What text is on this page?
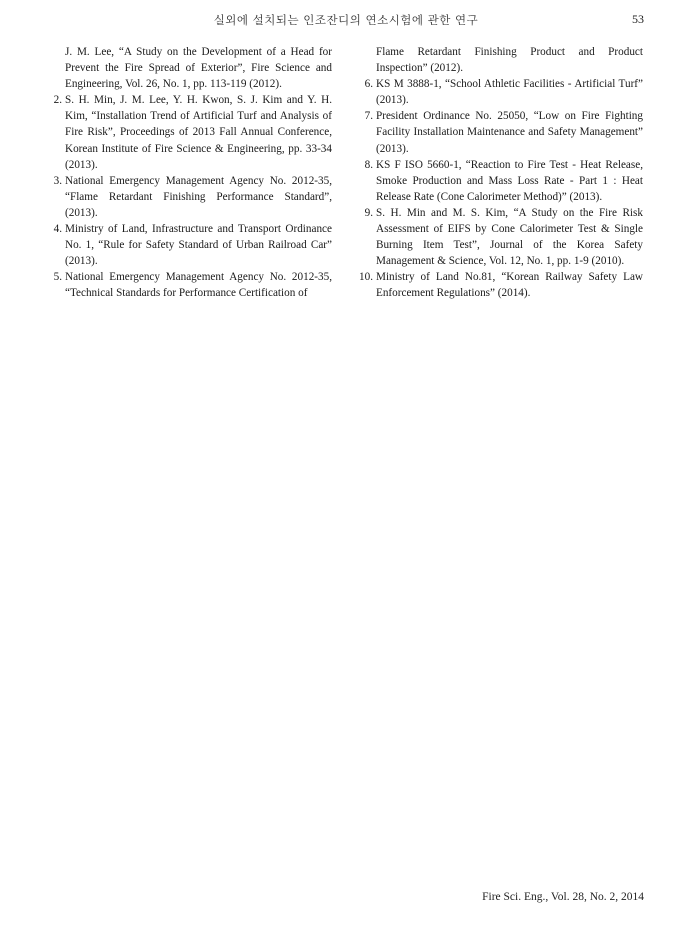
실외에 설치되는 인조잔디의 연소시험에 관한 연구	53
J. M. Lee, “A Study on the Development of a Head for Prevent the Fire Spread of Exterior”, Fire Science and Engineering, Vol. 26, No. 1, pp. 113-119 (2012).
2. S. H. Min, J. M. Lee, Y. H. Kwon, S. J. Kim and Y. H. Kim, “Installation Trend of Artificial Turf and Analysis of Fire Risk”, Proceedings of 2013 Fall Annual Conference, Korean Institute of Fire Science & Engineering, pp. 33-34 (2013).
3. National Emergency Management Agency No. 2012-35, “Flame Retardant Finishing Performance Standard”, (2013).
4. Ministry of Land, Infrastructure and Transport Ordinance No. 1, “Rule for Safety Standard of Urban Railroad Car” (2013).
5. National Emergency Management Agency No. 2012-35, “Technical Standards for Performance Certification of
Flame Retardant Finishing Product and Product Inspection” (2012).
6. KS M 3888-1, “School Athletic Facilities - Artificial Turf” (2013).
7. President Ordinance No. 25050, “Low on Fire Fighting Facility Installation Maintenance and Safety Management” (2013).
8. KS F ISO 5660-1, “Reaction to Fire Test - Heat Release, Smoke Production and Mass Loss Rate - Part 1 : Heat Release Rate (Cone Calorimeter Method)” (2013).
9. S. H. Min and M. S. Kim, “A Study on the Fire Risk Assessment of EIFS by Cone Calorimeter Test & Single Burning Item Test”, Journal of the Korea Safety Management & Science, Vol. 12, No. 1, pp. 1-9 (2010).
10. Ministry of Land No.81, “Korean Railway Safety Law Enforcement Regulations” (2014).
Fire Sci. Eng., Vol. 28, No. 2, 2014
